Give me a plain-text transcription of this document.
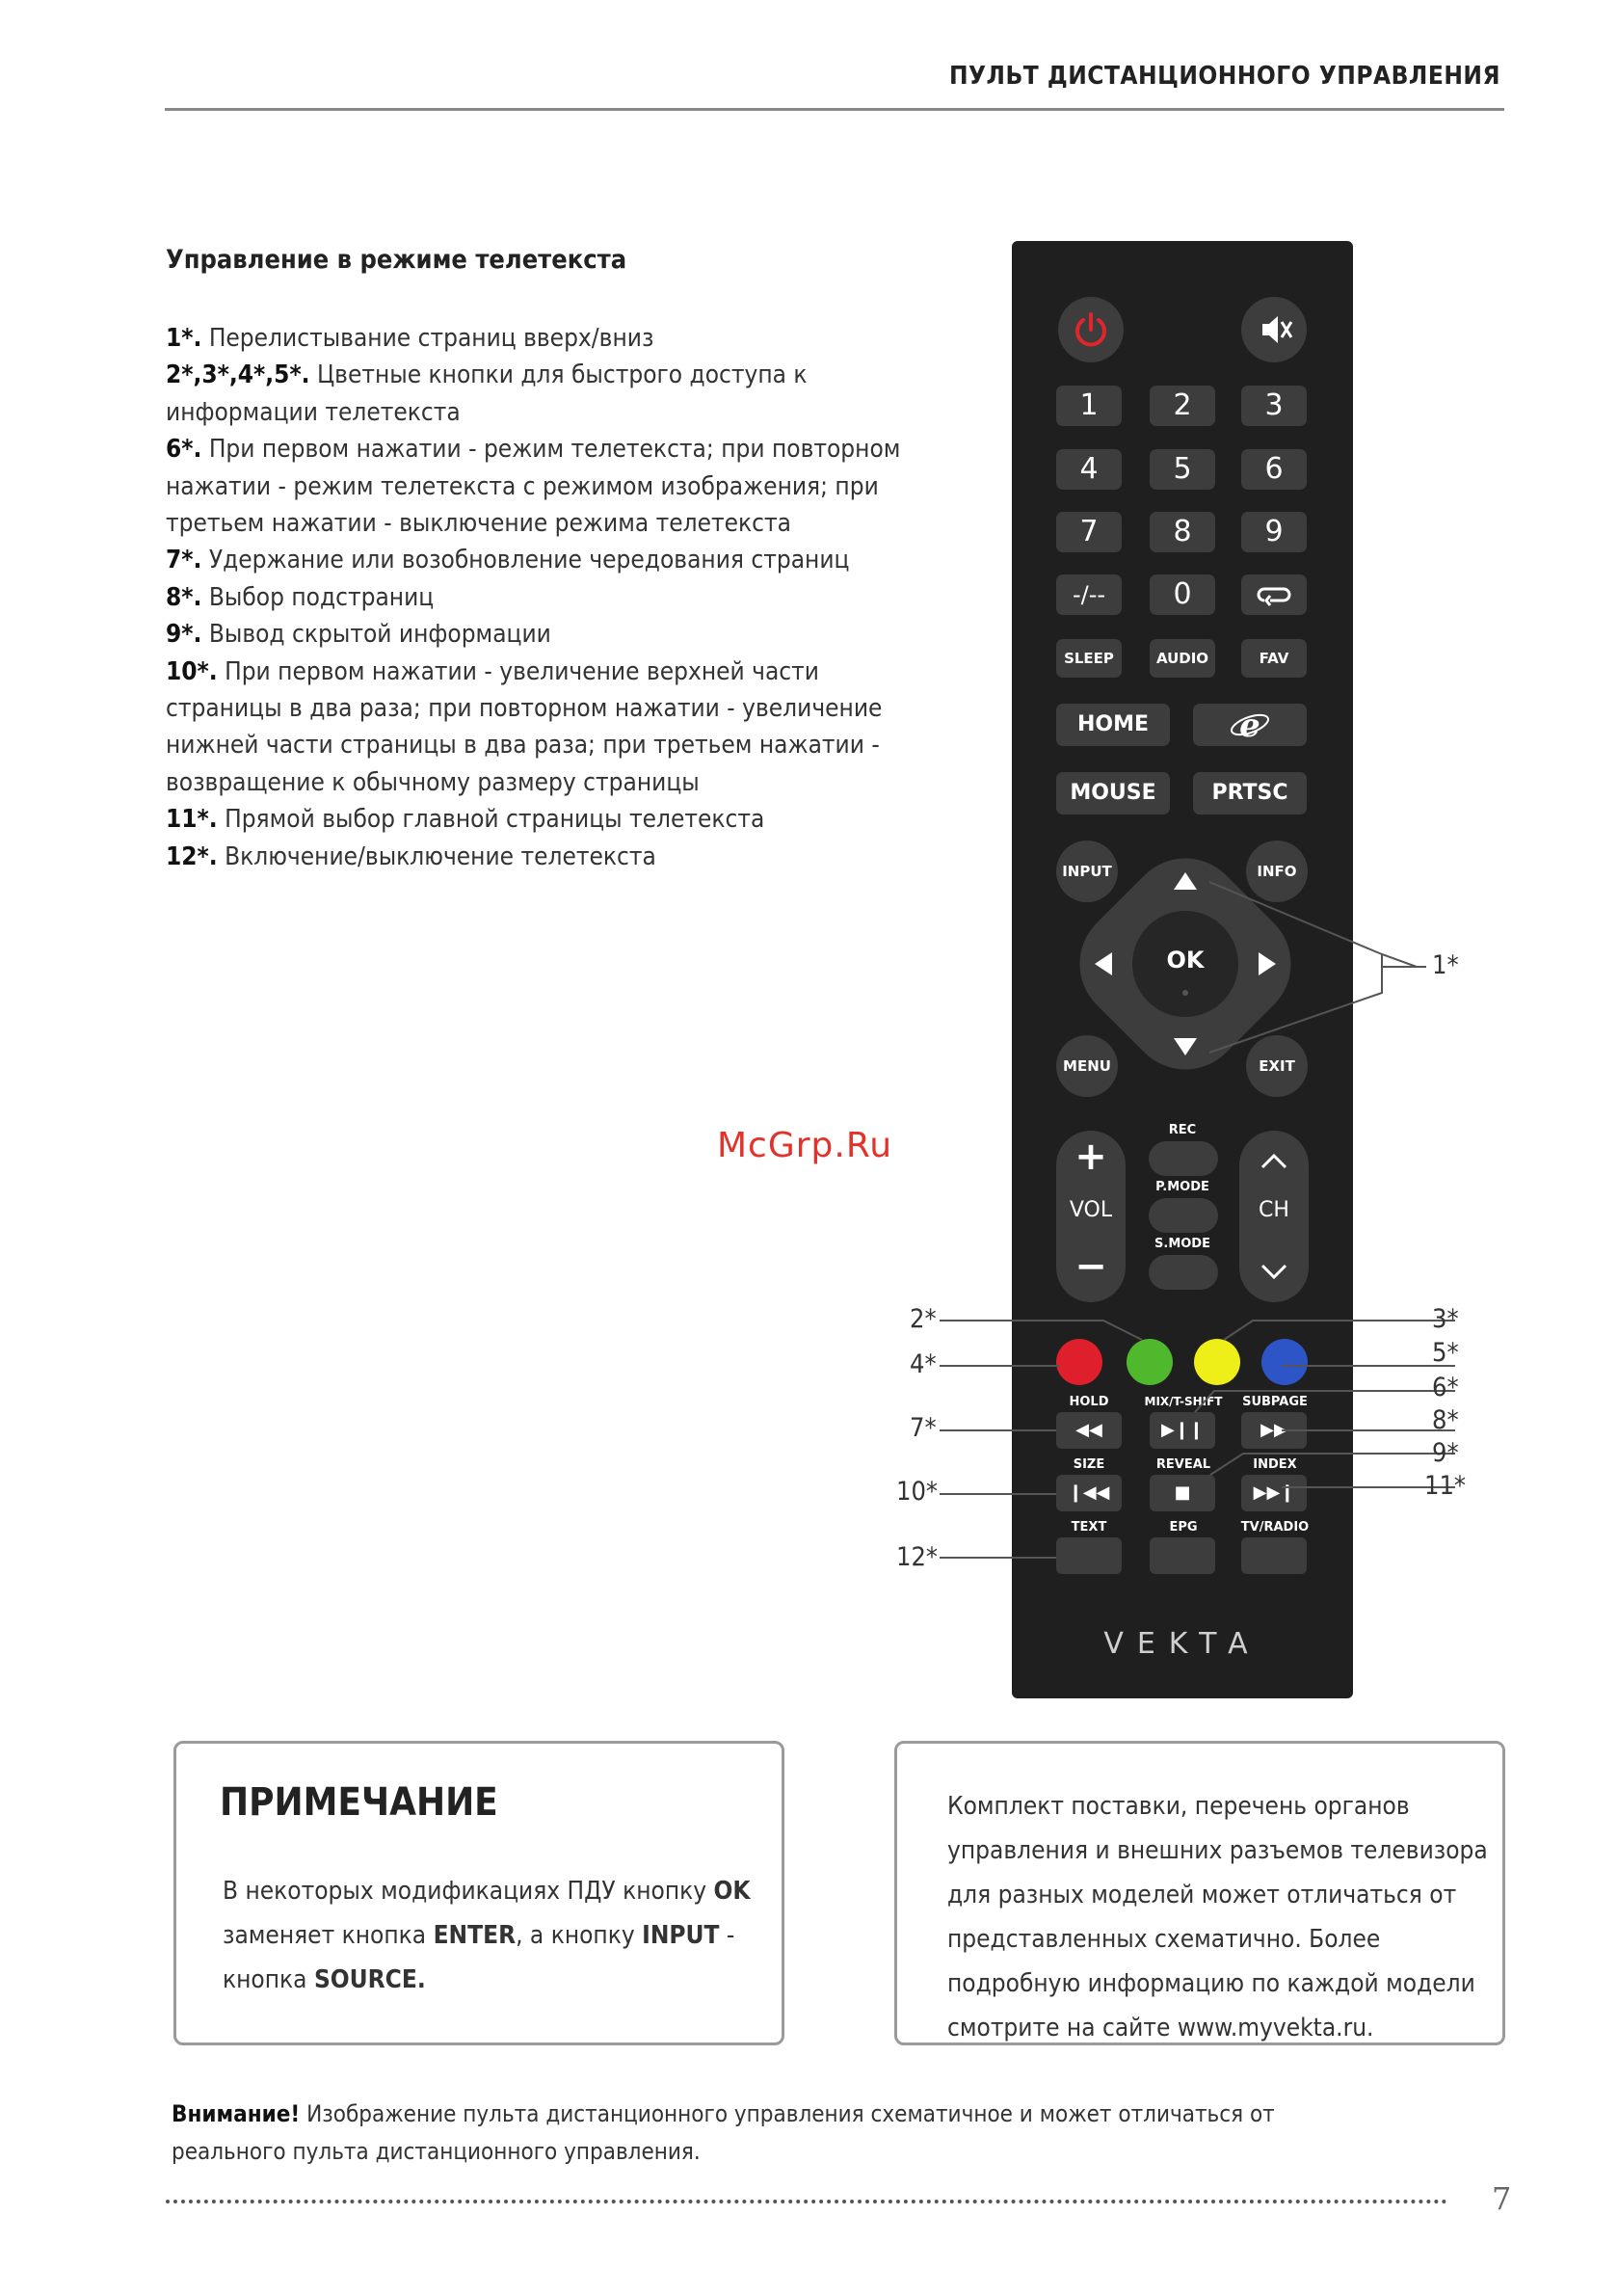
ПУЛЬТ ДИСТАНЦИОННОГО УПРАВЛЕНИЯ
Управление в режиме телетекста

1*. Перелистывание страниц вверх/вниз

2*,3*,4*,5*. Цветные кнопки для быстрого доступа к информации телетекста

6*. При первом нажатии - режим телетекста; при повторном нажатии - режим телетекста с режимом изображения; при третьем нажатии - выключение режима телетекста

7*. Удержание или возобновление чередования страниц

8*. Выбор подстраниц

9*. Вывод скрытой информации

10*. При первом нажатии - увеличение верхней части страницы в два раза; при повторном нажатии - увеличение нижней части страницы в два раза; при третьем нажатии - возвращение к обычному размеру страницы

11*. Прямой выбор главной страницы телетекста

12*. Включение/выключение телетекста

McGrp.Ru
1	2	3
4	5	6
7	8	9
-/--	0
SLEEP	AUDIO	FAV
HOME	e
MOUSE	PRTSC
INPUT	INFO
OK
MENU	EXIT
+
VOL
−
CH
REC
P.MODE
S.MODE
HOLD	MIX/T-SHIFT	SUBPAGE
◀◀	▶❙❙	▶▶
SIZE	REVEAL	INDEX
❙◀◀	■	▶▶❙
TEXT	EPG	TV/RADIO
VEKTA
1*
2*	3*
4*	5*
6*
7*	8*
9*
10*	11*
12*
ПРИМЕЧАНИЕ
В некоторых модификациях ПДУ кнопку OK заменяет кнопка ENTER, а кнопку INPUT - кнопка SOURCE.
Комплект поставки, перечень органов управления и внешних разъемов телевизора для разных моделей может отличаться от представленных схематично. Более подробную информацию по каждой модели смотрите на сайте www.myvekta.ru.
Внимание! Изображение пульта дистанционного управления схематичное и может отличаться от реального пульта дистанционного управления.
7
